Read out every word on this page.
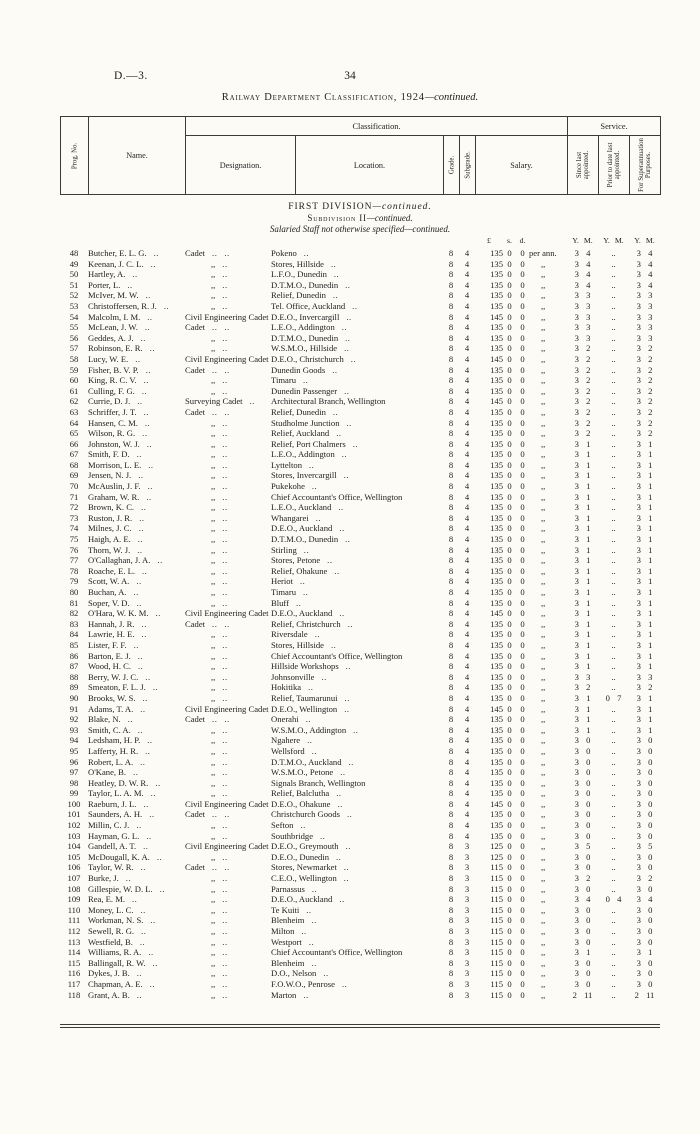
D.—3.	34
Railway Department Classification, 1924—continued.
Prog. No.	Name.	Classification.					Service.		
		Designation.	Location.	Grade.	Subgrade.	Salary.	Since last appointed.	Prior to date last appointed.	For Superannuation Purposes.
FIRST DIVISION—continued.
Subdivision II—continued.
Salaried Staff not otherwise specified—continued.
						£	s.	d.		Y. M.	Y. M.	Y. M.
48	Butcher, E. L. G. ..	Cadet .. ..	Pokeno ..	8	4	135	0	0	per ann.	3 4	..	3 4
49	Keenan, J. C. L. ..	,, ..	Stores, Hillside ..	8	4	135	0	0	,,	3 4	..	3 4
50	Hartley, A. ..	,, ..	L.F.O., Dunedin ..	8	4	135	0	0	,,	3 4	..	3 4
51	Porter, L. ..	,, ..	D.T.M.O., Dunedin ..	8	4	135	0	0	,,	3 4	..	3 4
52	McIver, M. W. ..	,, ..	Relief, Dunedin ..	8	4	135	0	0	,,	3 3	..	3 3
53	Christoffersen, R. J. ..	,, ..	Tel. Office, Auckland ..	8	4	135	0	0	,,	3 3	..	3 3
54	Malcolm, I. M. ..	Civil Engineering Cadet	D.E.O., Invercargill ..	8	4	145	0	0	,,	3 3	..	3 3
55	McLean, J. W. ..	Cadet .. ..	L.E.O., Addington ..	8	4	135	0	0	,,	3 3	..	3 3
56	Geddes, A. J. ..	,, ..	D.T.M.O., Dunedin ..	8	4	135	0	0	,,	3 3	..	3 3
57	Robinson, E. R. ..	,, ..	W.S.M.O., Hillside ..	8	4	135	0	0	,,	3 2	..	3 2
58	Lucy, W. E. ..	Civil Engineering Cadet	D.E.O., Christchurch ..	8	4	145	0	0	,,	3 2	..	3 2
59	Fisher, B. V. P. ..	Cadet .. ..	Dunedin Goods ..	8	4	135	0	0	,,	3 2	..	3 2
60	King, R. C. V. ..	,, ..	Timaru ..	8	4	135	0	0	,,	3 2	..	3 2
61	Culling, F. G. ..	,, ..	Dunedin Passenger ..	8	4	135	0	0	,,	3 2	..	3 2
62	Currie, D. J. ..	Surveying Cadet ..	Architectural Branch, Wellington	8	4	145	0	0	,,	3 2	..	3 2
63	Schriffer, J. T. ..	Cadet .. ..	Relief, Dunedin ..	8	4	135	0	0	,,	3 2	..	3 2
64	Hansen, C. M. ..	,, ..	Studholme Junction ..	8	4	135	0	0	,,	3 2	..	3 2
65	Wilson, R. G. ..	,, ..	Relief, Auckland ..	8	4	135	0	0	,,	3 2	..	3 2
66	Johnston, W. J. ..	,, ..	Relief, Port Chalmers ..	8	4	135	0	0	,,	3 1	..	3 1
67	Smith, F. D. ..	,, ..	L.E.O., Addington ..	8	4	135	0	0	,,	3 1	..	3 1
68	Morrison, L. E. ..	,, ..	Lyttelton ..	8	4	135	0	0	,,	3 1	..	3 1
69	Jensen, N. J. ..	,, ..	Stores, Invercargill ..	8	4	135	0	0	,,	3 1	..	3 1
70	McAuslin, J. F. ..	,, ..	Pukekohe ..	8	4	135	0	0	,,	3 1	..	3 1
71	Graham, W. R. ..	,, ..	Chief Accountant's Office, Wellington	8	4	135	0	0	,,	3 1	..	3 1
72	Brown, K. C. ..	,, ..	L.E.O., Auckland ..	8	4	135	0	0	,,	3 1	..	3 1
73	Ruston, J. R. ..	,, ..	Whangarei ..	8	4	135	0	0	,,	3 1	..	3 1
74	Milnes, J. C. ..	,, ..	D.E.O., Auckland ..	8	4	135	0	0	,,	3 1	..	3 1
75	Haigh, A. E. ..	,, ..	D.T.M.O., Dunedin ..	8	4	135	0	0	,,	3 1	..	3 1
76	Thorn, W. J. ..	,, ..	Stirling ..	8	4	135	0	0	,,	3 1	..	3 1
77	O'Callaghan, J. A. ..	,, ..	Stores, Petone ..	8	4	135	0	0	,,	3 1	..	3 1
78	Roache, E. L. ..	,, ..	Relief, Ohakune ..	8	4	135	0	0	,,	3 1	..	3 1
79	Scott, W. A. ..	,, ..	Heriot ..	8	4	135	0	0	,,	3 1	..	3 1
80	Buchan, A. ..	,, ..	Timaru ..	8	4	135	0	0	,,	3 1	..	3 1
81	Soper, V. D. ..	,, ..	Bluff ..	8	4	135	0	0	,,	3 1	..	3 1
82	O'Hara, W. K. M. ..	Civil Engineering Cadet	D.E.O., Auckland ..	8	4	145	0	0	,,	3 1	..	3 1
83	Hannah, J. R. ..	Cadet .. ..	Relief, Christchurch ..	8	4	135	0	0	,,	3 1	..	3 1
84	Lawrie, H. E. ..	,, ..	Riversdale ..	8	4	135	0	0	,,	3 1	..	3 1
85	Lister, F. F. ..	,, ..	Stores, Hillside ..	8	4	135	0	0	,,	3 1	..	3 1
86	Barton, E. J. ..	,, ..	Chief Accountant's Office, Wellington	8	4	135	0	0	,,	3 1	..	3 1
87	Wood, H. C. ..	,, ..	Hillside Workshops ..	8	4	135	0	0	,,	3 1	..	3 1
88	Berry, W. J. C. ..	,, ..	Johnsonville ..	8	4	135	0	0	,,	3 3	..	3 3
89	Smeaton, F. L. J. ..	,, ..	Hokitika ..	8	4	135	0	0	,,	3 2	..	3 2
90	Brooks, W. S. ..	,, ..	Relief, Taumarunui ..	8	4	135	0	0	,,	3 1	0 7	3 1
91	Adams, T. A. ..	Civil Engineering Cadet	D.E.O., Wellington ..	8	4	145	0	0	,,	3 1	..	3 1
92	Blake, N. ..	Cadet .. ..	Onerahi ..	8	4	135	0	0	,,	3 1	..	3 1
93	Smith, C. A. ..	,, ..	W.S.M.O., Addington ..	8	4	135	0	0	,,	3 1	..	3 1
94	Ledsham, H. P. ..	,, ..	Ngahere ..	8	4	135	0	0	,,	3 0	..	3 0
95	Lafferty, H. R. ..	,, ..	Wellsford ..	8	4	135	0	0	,,	3 0	..	3 0
96	Robert, L. A. ..	,, ..	D.T.M.O., Auckland ..	8	4	135	0	0	,,	3 0	..	3 0
97	O'Kane, B. ..	,, ..	W.S.M.O., Petone ..	8	4	135	0	0	,,	3 0	..	3 0
98	Heatley, D. W. R. ..	,, ..	Signals Branch, Wellington	8	4	135	0	0	,,	3 0	..	3 0
99	Taylor, L. A. M. ..	,, ..	Relief, Balclutha ..	8	4	135	0	0	,,	3 0	..	3 0
100	Raeburn, J. L. ..	Civil Engineering Cadet	D.E.O., Ohakune ..	8	4	145	0	0	,,	3 0	..	3 0
101	Saunders, A. H. ..	Cadet .. ..	Christchurch Goods ..	8	4	135	0	0	,,	3 0	..	3 0
102	Millin, C. J. ..	,, ..	Sefton ..	8	4	135	0	0	,,	3 0	..	3 0
103	Hayman, G. L. ..	,, ..	Southbridge ..	8	4	135	0	0	,,	3 0	..	3 0
104	Gandell, A. T. ..	Civil Engineering Cadet	D.E.O., Greymouth ..	8	3	125	0	0	,,	3 5	..	3 5
105	McDougall, K. A. ..	,, ..	D.E.O., Dunedin ..	8	3	125	0	0	,,	3 0	..	3 0
106	Taylor, W. R. ..	Cadet .. ..	Stores, Newmarket ..	8	3	115	0	0	,,	3 0	..	3 0
107	Burke, J. ..	,, ..	C.E.O., Wellington ..	8	3	115	0	0	,,	3 2	..	3 2
108	Gillespie, W. D. L. ..	,, ..	Parnassus ..	8	3	115	0	0	,,	3 0	..	3 0
109	Rea, E. M. ..	,, ..	D.E.O., Auckland ..	8	3	115	0	0	,,	3 4	0 4	3 4
110	Money, L. C. ..	,, ..	Te Kuiti ..	8	3	115	0	0	,,	3 0	..	3 0
111	Workman, N. S. ..	,, ..	Blenheim ..	8	3	115	0	0	,,	3 0	..	3 0
112	Sewell, R. G. ..	,, ..	Milton ..	8	3	115	0	0	,,	3 0	..	3 0
113	Westfield, B. ..	,, ..	Westport ..	8	3	115	0	0	,,	3 0	..	3 0
114	Williams, R. A. ..	,, ..	Chief Accountant's Office, Wellington	8	3	115	0	0	,,	3 1	..	3 1
115	Ballingall, R. W. ..	,, ..	Blenheim ..	8	3	115	0	0	,,	3 0	..	3 0
116	Dykes, J. B. ..	,, ..	D.O., Nelson ..	8	3	115	0	0	,,	3 0	..	3 0
117	Chapman, A. E. ..	,, ..	F.O.W.O., Penrose ..	8	3	115	0	0	,,	3 0	..	3 0
118	Grant, A. B. ..	,, ..	Marton ..	8	3	115	0	0	,,	2 11	..	2 11
